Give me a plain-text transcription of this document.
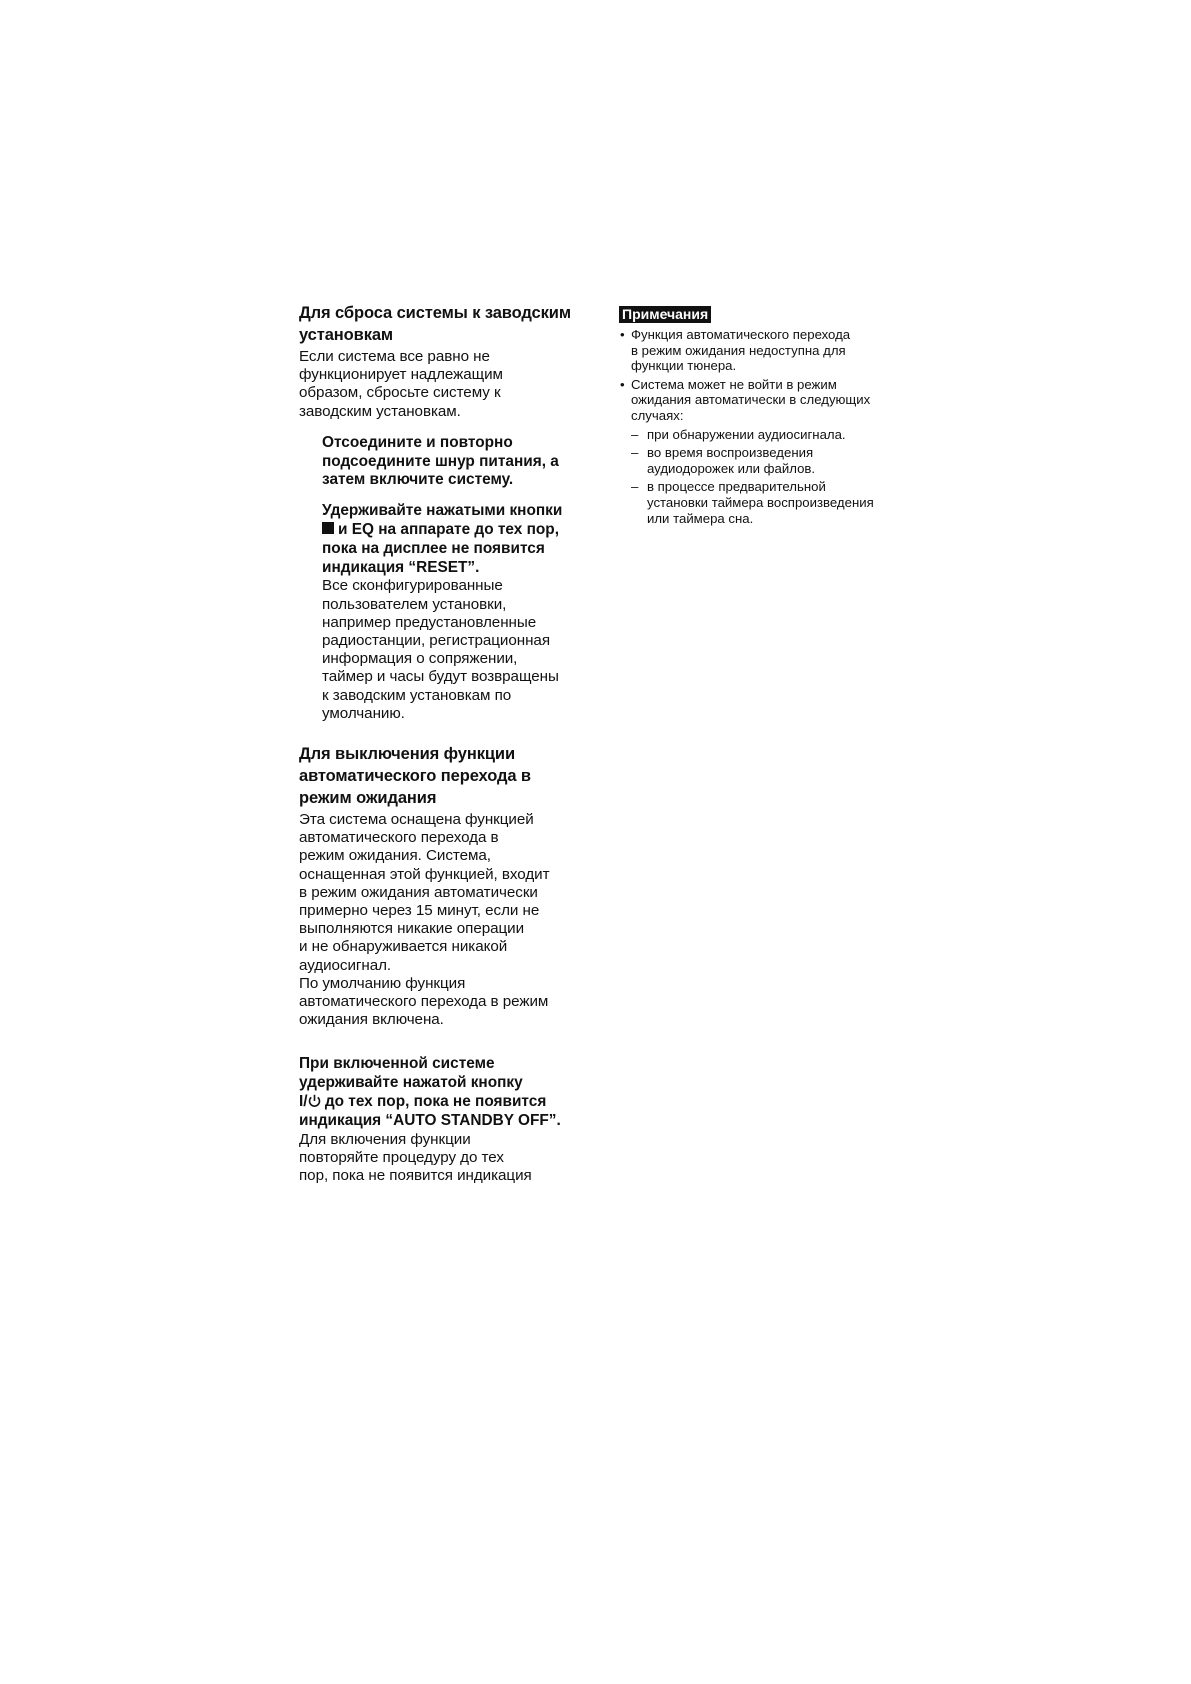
Для сброса системы к заводским
установкам

Если система все равно не
функционирует надлежащим
образом, сбросьте систему к
заводским установкам.

Отсоедините и повторно
подсоедините шнур питания, а
затем включите систему.

Удерживайте нажатыми кнопки
и EQ на аппарате до тех пор,
пока на дисплее не появится
индикация “RESET”.

Все сконфигурированные
пользователем установки,
например предустановленные
радиостанции, регистрационная
информация о сопряжении,
таймер и часы будут возвращены
к заводским установкам по
умолчанию.

Для выключения функции
автоматического перехода в
режим ожидания

Эта система оснащена функцией
автоматического перехода в
режим ожидания. Система,
оснащенная этой функцией, входит
в режим ожидания автоматически
примерно через 15 минут, если не
выполняются никакие операции
и не обнаруживается никакой
аудиосигнал.
По умолчанию функция
автоматического перехода в режим
ожидания включена.

При включенной системе
удерживайте нажатой кнопку
I/
до тех пор, пока не появится
индикация “AUTO STANDBY OFF”.

Для включения функции
повторяйте процедуру до тех
пор, пока не появится индикация

Примечания
• Функция автоматического перехода
в режим ожидания недоступна для
функции тюнера.
• Система может не войти в режим
ожидания автоматически в следующих
случаях:
– при обнаружении аудиосигнала.
– во время воспроизведения
аудиодорожек или файлов.
– в процессе предварительной
установки таймера воспроизведения
или таймера сна.
